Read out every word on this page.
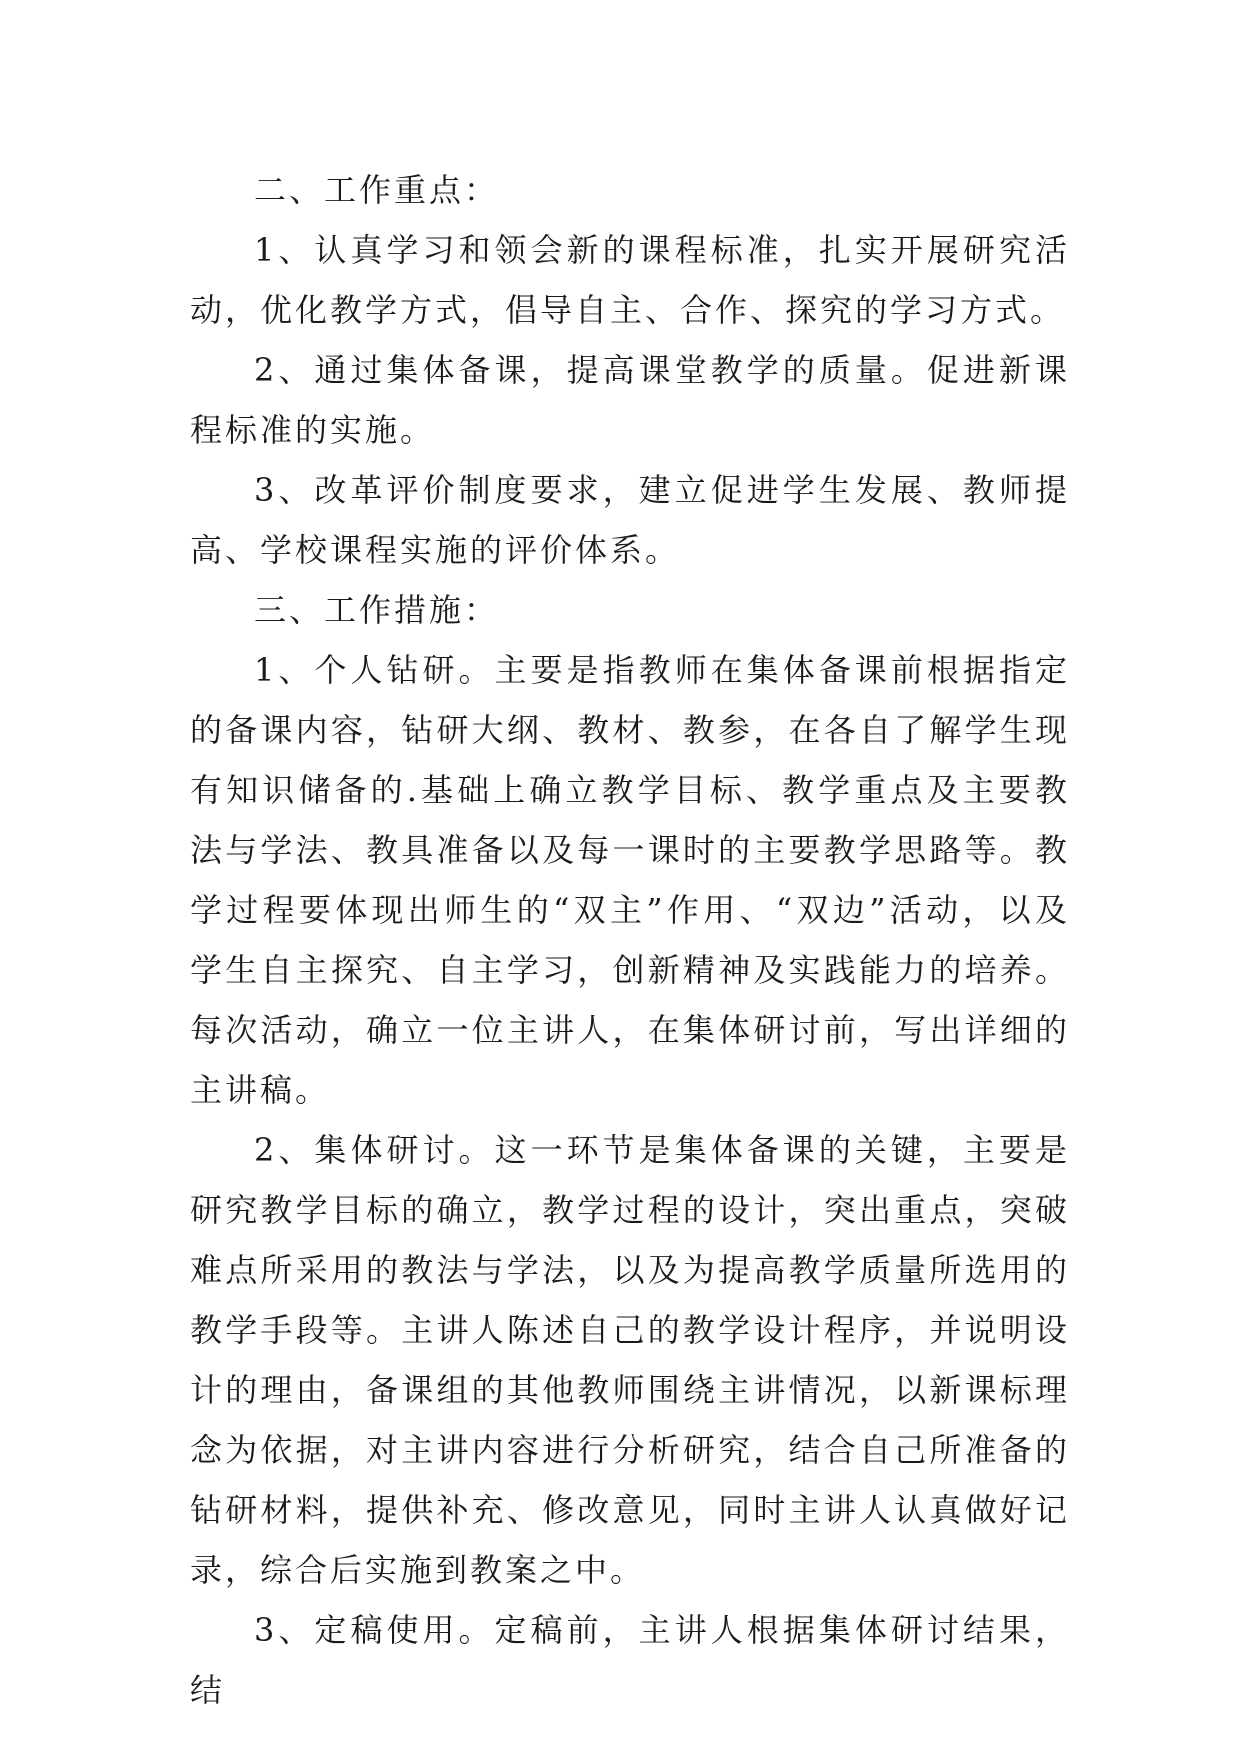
二、工作重点：

1、认真学习和领会新的课程标准，扎实开展研究活动，优化教学方式，倡导自主、合作、探究的学习方式。

2、通过集体备课，提高课堂教学的质量。促进新课程标准的实施。

3、改革评价制度要求，建立促进学生发展、教师提高、学校课程实施的评价体系。

三、工作措施：

1、个人钻研。主要是指教师在集体备课前根据指定的备课内容，钻研大纲、教材、教参，在各自了解学生现有知识储备的.基础上确立教学目标、教学重点及主要教法与学法、教具准备以及每一课时的主要教学思路等。教学过程要体现出师生的“双主”作用、“双边”活动，以及学生自主探究、自主学习，创新精神及实践能力的培养。每次活动，确立一位主讲人，在集体研讨前，写出详细的主讲稿。

2、集体研讨。这一环节是集体备课的关键，主要是研究教学目标的确立，教学过程的设计，突出重点，突破难点所采用的教法与学法，以及为提高教学质量所选用的教学手段等。主讲人陈述自己的教学设计程序，并说明设计的理由，备课组的其他教师围绕主讲情况，以新课标理念为依据，对主讲内容进行分析研究，结合自己所准备的钻研材料，提供补充、修改意见，同时主讲人认真做好记录，综合后实施到教案之中。

3、定稿使用。定稿前，主讲人根据集体研讨结果，结
